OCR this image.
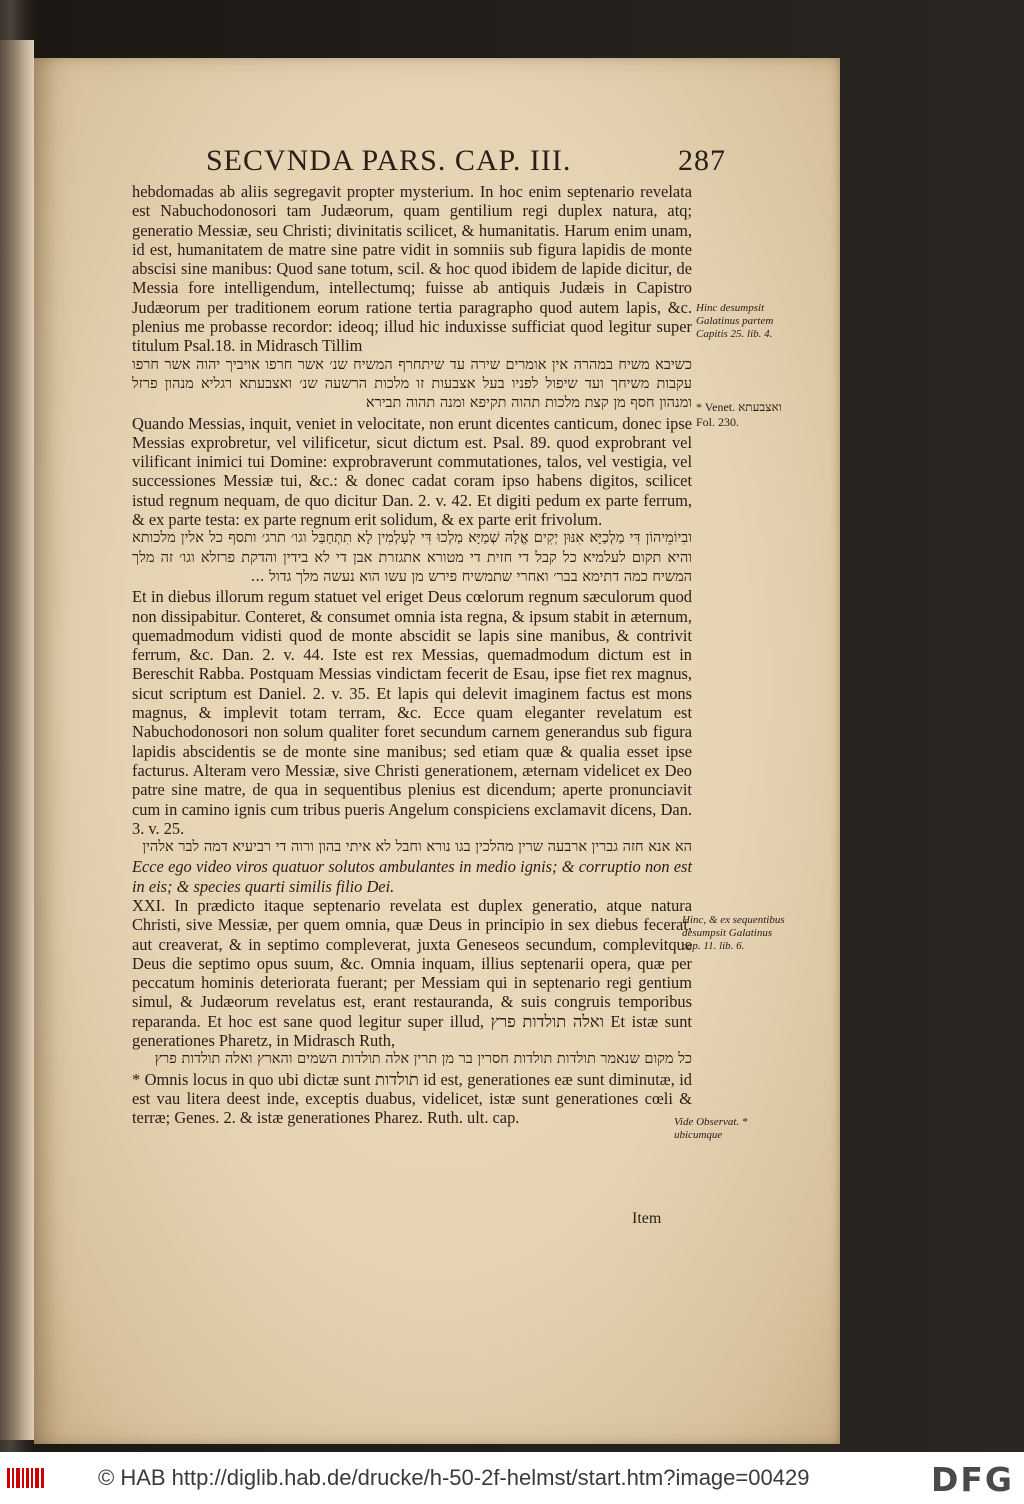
SECVNDA PARS. CAP. III.	287

hebdomadas ab aliis segregavit propter mysterium. In hoc enim septenario revelata est Nabuchodonosori tam Judæorum, quam gentilium regi duplex natura, atq; generatio Messiæ, seu Christi; divinitatis scilicet, & humanitatis. Harum enim unam, id est, humanitatem de matre sine patre vidit in somniis sub figura lapidis de monte abscisi sine manibus: Quod sane totum, scil. & hoc quod ibidem de lapide dicitur, de Messia fore intelligendum, intellectumq; fuisse ab antiquis Judæis in Capistro Judæorum per traditionem eorum ratione tertia paragrapho quod autem lapis, &c. plenius me probasse recordor: ideoq; illud hic induxisse sufficiat quod legitur super titulum Psal.18. in Midrasch Tillim

כשיבא משיח במהרה אין אומרים שירה עד שיתחרף המשיח שנ׳ אשר חרפו אויביך יהוה אשר חרפו עקבות משיחך ועד שיפול לפניו בעל אצבעות זו מלכות הרשעה שנ׳ ואצבעתא רגליא מנהון פרזל ומנהון חסף מן קצת מלכות תהוה תקיפא ומנה תהוה תבירא

Quando Messias, inquit, veniet in velocitate, non erunt dicentes canticum, donec ipse Messias exprobretur, vel vilificetur, sicut dictum est. Psal. 89. quod exprobrant vel vilificant inimici tui Domine: exprobraverunt commutationes, talos, vel vestigia, vel successiones Messiæ tui, &c.: & donec cadat coram ipso habens digitos, scilicet istud regnum nequam, de quo dicitur Dan. 2. v. 42. Et digiti pedum ex parte ferrum, & ex parte testa: ex parte regnum erit solidum, & ex parte erit frivolum.

ובִיוֹמֵיהוֹן דִּי מַלְכַיָּא אִנּוּן יְקִים אֱלָהּ שְׁמַיָּא מַלְכוּ דִּי לְעָלְמִין לָא תִתְחַבַּל וגו׳ תרג׳ ותסף כל אלין מלכותא והיא תקום לעלמיא כל קבל די חזית די מטורא אתגזרת אבן די לא בידין והדקת פרזלא וגו׳ זה מלך המשיח כמה דתימא בבר׳ ואחרי שתמשיח פירש מן עשו הוא נעשה מלך גדול ...

Et in diebus illorum regum statuet vel eriget Deus cœlorum regnum sæculorum quod non dissipabitur. Conteret, & consumet omnia ista regna, & ipsum stabit in æternum, quemadmodum vidisti quod de monte abscidit se lapis sine manibus, & contrivit ferrum, &c. Dan. 2. v. 44. Iste est rex Messias, quemadmodum dictum est in Bereschit Rabba. Postquam Messias vindictam fecerit de Esau, ipse fiet rex magnus, sicut scriptum est Daniel. 2. v. 35. Et lapis qui delevit imaginem factus est mons magnus, & implevit totam terram, &c. Ecce quam eleganter revelatum est Nabuchodonosori non solum qualiter foret secundum carnem generandus sub figura lapidis abscidentis se de monte sine manibus; sed etiam quæ & qualia esset ipse facturus. Alteram vero Messiæ, sive Christi generationem, æternam videlicet ex Deo patre sine matre, de qua in sequentibus plenius est dicendum; aperte pronunciavit cum in camino ignis cum tribus pueris Angelum conspiciens exclamavit dicens, Dan. 3. v. 25.

הא אנא חזה גברין ארבעה שרין מהלכין בגו נורא וחבל לא איתי בהון ורוה די רביעיא דמה לבר אלהין

Ecce ego video viros quatuor solutos ambulantes in medio ignis; & corruptio non est in eis; & species quarti similis filio Dei.

XXI. In prædicto itaque septenario revelata est duplex generatio, atque natura Christi, sive Messiæ, per quem omnia, quæ Deus in principio in sex diebus fecerat, aut creaverat, & in septimo compleverat, juxta Geneseos secundum, complevitque Deus die septimo opus suum, &c. Omnia inquam, illius septenarii opera, quæ per peccatum hominis deteriorata fuerant; per Messiam qui in septenario regi gentium simul, & Judæorum revelatus est, erant restauranda, & suis congruis temporibus reparanda. Et hoc est sane quod legitur super illud, ואלה תולדות פרץ Et istæ sunt generationes Pharetz, in Midrasch Ruth,

כל מקום שנאמר תולדות תולדות חסרין בר מן תרין אלה תולדות השמים והארץ ואלה תולדות פרץ

* Omnis locus in quo ubi dictæ sunt תולדות id est, generationes eæ sunt diminutæ, id est vau litera deest inde, exceptis duabus, videlicet, istæ sunt generationes cœli & terræ; Genes. 2. & istæ generationes Pharez. Ruth. ult. cap.

Hinc desumpsit Galatinus partem Capitis 25. lib. 4.
* Venet. ואצבעתא Fol. 230.
Hinc, & ex sequentibus desumpsit Galatinus cap. 11. lib. 6.
Vide Observat. * ubicumque
Item
© HAB http://diglib.hab.de/drucke/h-50-2f-helmst/start.htm?image=00429	DFG
